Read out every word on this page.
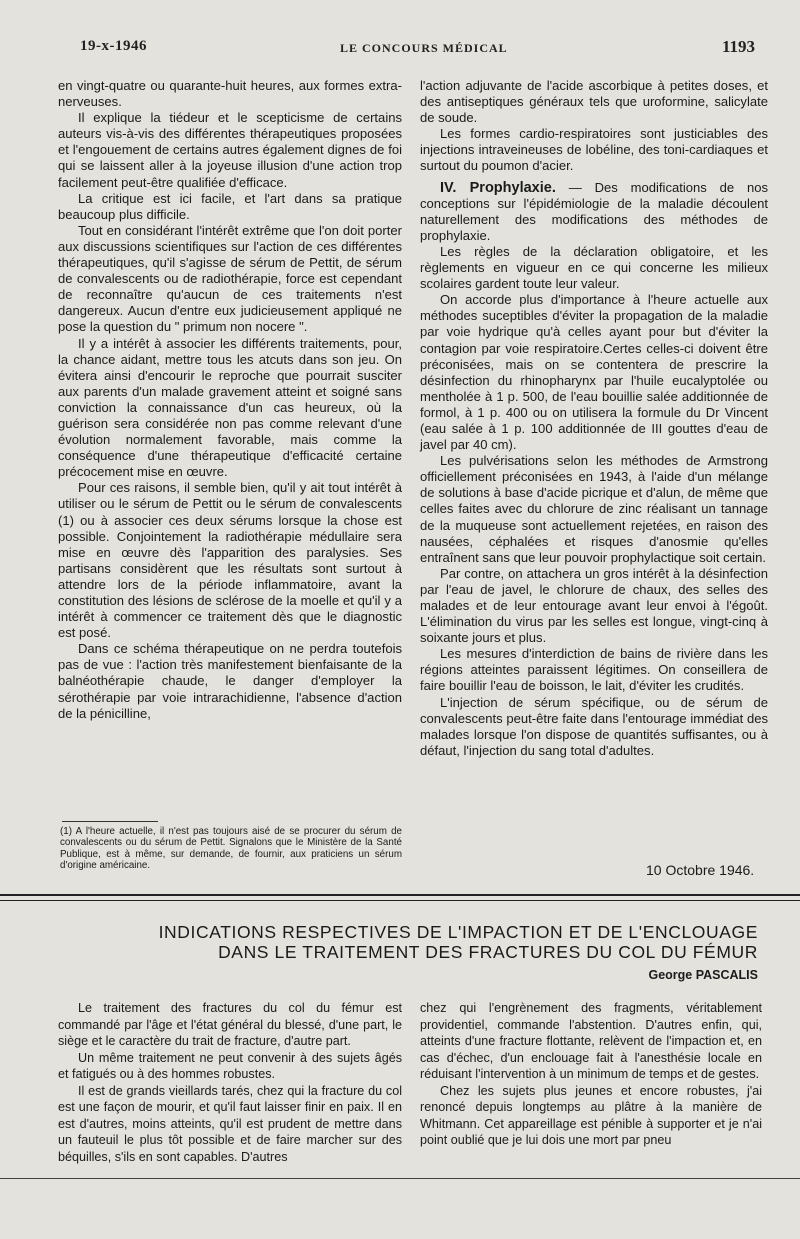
19-x-1946	LE CONCOURS MÉDICAL	1193

en vingt-quatre ou quarante-huit heures, aux formes extra-nerveuses.

Il explique la tiédeur et le scepticisme de certains auteurs vis-à-vis des différentes thérapeutiques proposées et l'engouement de certains autres également dignes de foi qui se laissent aller à la joyeuse illusion d'une action trop facilement peut-être qualifiée d'efficace.

La critique est ici facile, et l'art dans sa pratique beaucoup plus difficile.

Tout en considérant l'intérêt extrême que l'on doit porter aux discussions scientifiques sur l'action de ces différentes thérapeutiques, qu'il s'agisse de sérum de Pettit, de sérum de convalescents ou de radiothérapie, force est cependant de reconnaître qu'aucun de ces traitements n'est dangereux. Aucun d'entre eux judicieusement appliqué ne pose la question du " primum non nocere ".

Il y a intérêt à associer les différents traitements, pour, la chance aidant, mettre tous les atcuts dans son jeu. On évitera ainsi d'encourir le reproche que pourrait susciter aux parents d'un malade gravement atteint et soigné sans conviction la connaissance d'un cas heureux, où la guérison sera considérée non pas comme relevant d'une évolution normalement favorable, mais comme la conséquence d'une thérapeutique d'efficacité certaine précocement mise en œuvre.

Pour ces raisons, il semble bien, qu'il y ait tout intérêt à utiliser ou le sérum de Pettit ou le sérum de convalescents (1) ou à associer ces deux sérums lorsque la chose est possible. Conjointement la radiothérapie médullaire sera mise en œuvre dès l'apparition des paralysies. Ses partisans considèrent que les résultats sont surtout à attendre lors de la période inflammatoire, avant la constitution des lésions de sclérose de la moelle et qu'il y a intérêt à commencer ce traitement dès que le diagnostic est posé.

Dans ce schéma thérapeutique on ne perdra toutefois pas de vue : l'action très manifestement bienfaisante de la balnéothérapie chaude, le danger d'employer la sérothérapie par voie intrarachidienne, l'absence d'action de la pénicilline,

l'action adjuvante de l'acide ascorbique à petites doses, et des antiseptiques généraux tels que uroformine, salicylate de soude.

Les formes cardio-respiratoires sont justiciables des injections intraveineuses de lobéline, des toni-cardiaques et surtout du poumon d'acier.

IV. Prophylaxie. — Des modifications de nos conceptions sur l'épidémiologie de la maladie découlent naturellement des modifications des méthodes de prophylaxie.

Les règles de la déclaration obligatoire, et les règlements en vigueur en ce qui concerne les milieux scolaires gardent toute leur valeur.

On accorde plus d'importance à l'heure actuelle aux méthodes suceptibles d'éviter la propagation de la maladie par voie hydrique qu'à celles ayant pour but d'éviter la contagion par voie respiratoire.Certes celles-ci doivent être préconisées, mais on se contentera de prescrire la désinfection du rhinopharynx par l'huile eucalyptolée ou mentholée à 1 p. 500, de l'eau bouillie salée additionnée de formol, à 1 p. 400 ou on utilisera la formule du Dr Vincent (eau salée à 1 p. 100 additionnée de III gouttes d'eau de javel par 40 cm).

Les pulvérisations selon les méthodes de Armstrong officiellement préconisées en 1943, à l'aide d'un mélange de solutions à base d'acide picrique et d'alun, de même que celles faites avec du chlorure de zinc réalisant un tannage de la muqueuse sont actuellement rejetées, en raison des nausées, céphalées et risques d'anosmie qu'elles entraînent sans que leur pouvoir prophylactique soit certain.

Par contre, on attachera un gros intérêt à la désinfection par l'eau de javel, le chlorure de chaux, des selles des malades et de leur entourage avant leur envoi à l'égoût. L'élimination du virus par les selles est longue, vingt-cinq à soixante jours et plus.

Les mesures d'interdiction de bains de rivière dans les régions atteintes paraissent légitimes. On conseillera de faire bouillir l'eau de boisson, le lait, d'éviter les crudités.

L'injection de sérum spécifique, ou de sérum de convalescents peut-être faite dans l'entourage immédiat des malades lorsque l'on dispose de quantités suffisantes, ou à défaut, l'injection du sang total d'adultes.

(1) A l'heure actuelle, il n'est pas toujours aisé de se procurer du sérum de convalescents ou du sérum de Pettit. Signalons que le Ministère de la Santé Publique, est à même, sur demande, de fournir, aux praticiens un sérum d'origine américaine.	10 Octobre 1946.
INDICATIONS RESPECTIVES DE L'IMPACTION ET DE L'ENCLOUAGE
DANS LE TRAITEMENT DES FRACTURES DU COL DU FÉMUR
George PASCALIS

Le traitement des fractures du col du fémur est commandé par l'âge et l'état général du blessé, d'une part, le siège et le caractère du trait de fracture, d'autre part.

Un même traitement ne peut convenir à des sujets âgés et fatigués ou à des hommes robustes.

Il est de grands vieillards tarés, chez qui la fracture du col est une façon de mourir, et qu'il faut laisser finir en paix. Il en est d'autres, moins atteints, qu'il est prudent de mettre dans un fauteuil le plus tôt possible et de faire marcher sur des béquilles, s'ils en sont capables. D'autres

chez qui l'engrènement des fragments, véritablement providentiel, commande l'abstention. D'autres enfin, qui, atteints d'une fracture flottante, relèvent de l'impaction et, en cas d'échec, d'un enclouage fait à l'anesthésie locale en réduisant l'intervention à un minimum de temps et de gestes.

Chez les sujets plus jeunes et encore robustes, j'ai renoncé depuis longtemps au plâtre à la manière de Whitmann. Cet appareillage est pénible à supporter et je n'ai point oublié que je lui dois une mort par pneu
